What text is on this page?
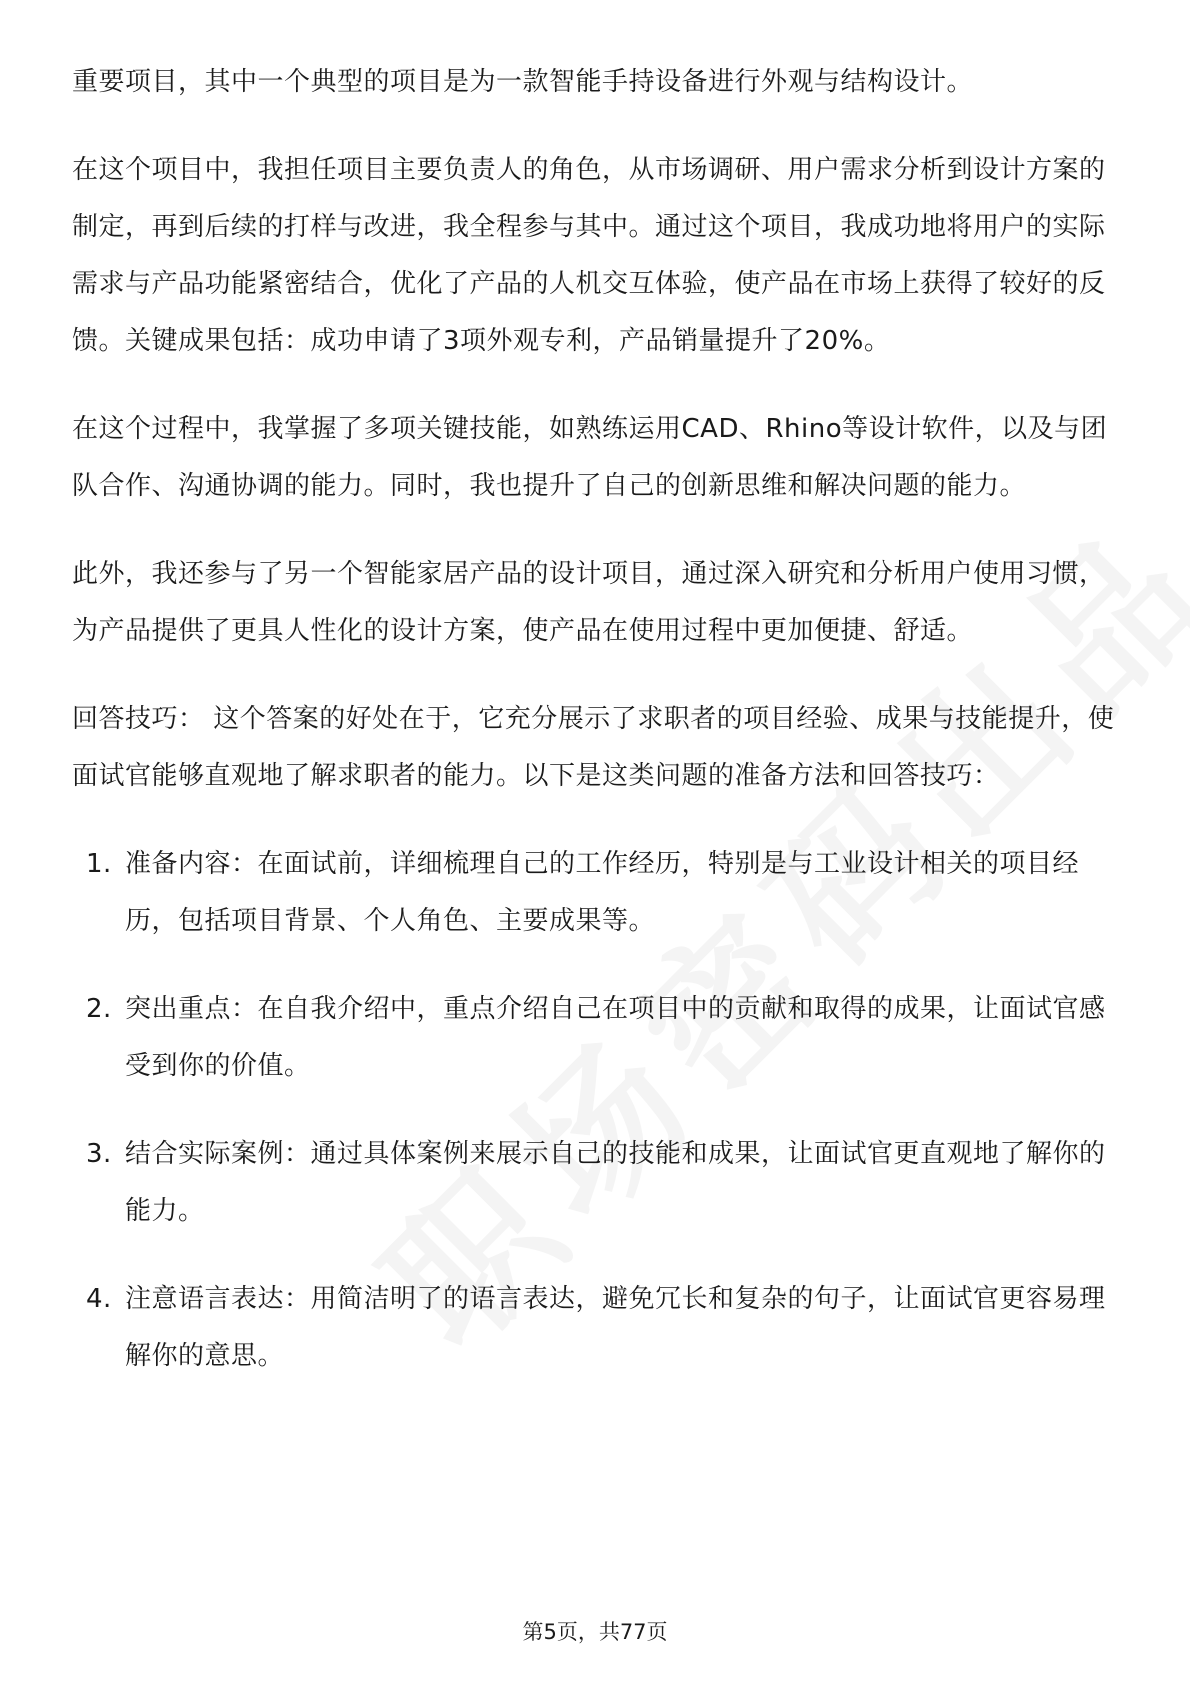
重要项目，其中一个典型的项目是为一款智能手持设备进行外观与结构设计。

在这个项目中，我担任项目主要负责人的角色，从市场调研、用户需求分析到设计方案的制定，再到后续的打样与改进，我全程参与其中。通过这个项目，我成功地将用户的实际需求与产品功能紧密结合，优化了产品的人机交互体验，使产品在市场上获得了较好的反馈。关键成果包括：成功申请了3项外观专利，产品销量提升了20%。

在这个过程中，我掌握了多项关键技能，如熟练运用CAD、Rhino等设计软件，以及与团队合作、沟通协调的能力。同时，我也提升了自己的创新思维和解决问题的能力。

此外，我还参与了另一个智能家居产品的设计项目，通过深入研究和分析用户使用习惯，为产品提供了更具人性化的设计方案，使产品在使用过程中更加便捷、舒适。

回答技巧： 这个答案的好处在于，它充分展示了求职者的项目经验、成果与技能提升，使面试官能够直观地了解求职者的能力。以下是这类问题的准备方法和回答技巧：

1. 准备内容：在面试前，详细梳理自己的工作经历，特别是与工业设计相关的项目经历，包括项目背景、个人角色、主要成果等。
2. 突出重点：在自我介绍中，重点介绍自己在项目中的贡献和取得的成果，让面试官感受到你的价值。
3. 结合实际案例：通过具体案例来展示自己的技能和成果，让面试官更直观地了解你的能力。
4. 注意语言表达：用简洁明了的语言表达，避免冗长和复杂的句子，让面试官更容易理解你的意思。
第5页，共77页
